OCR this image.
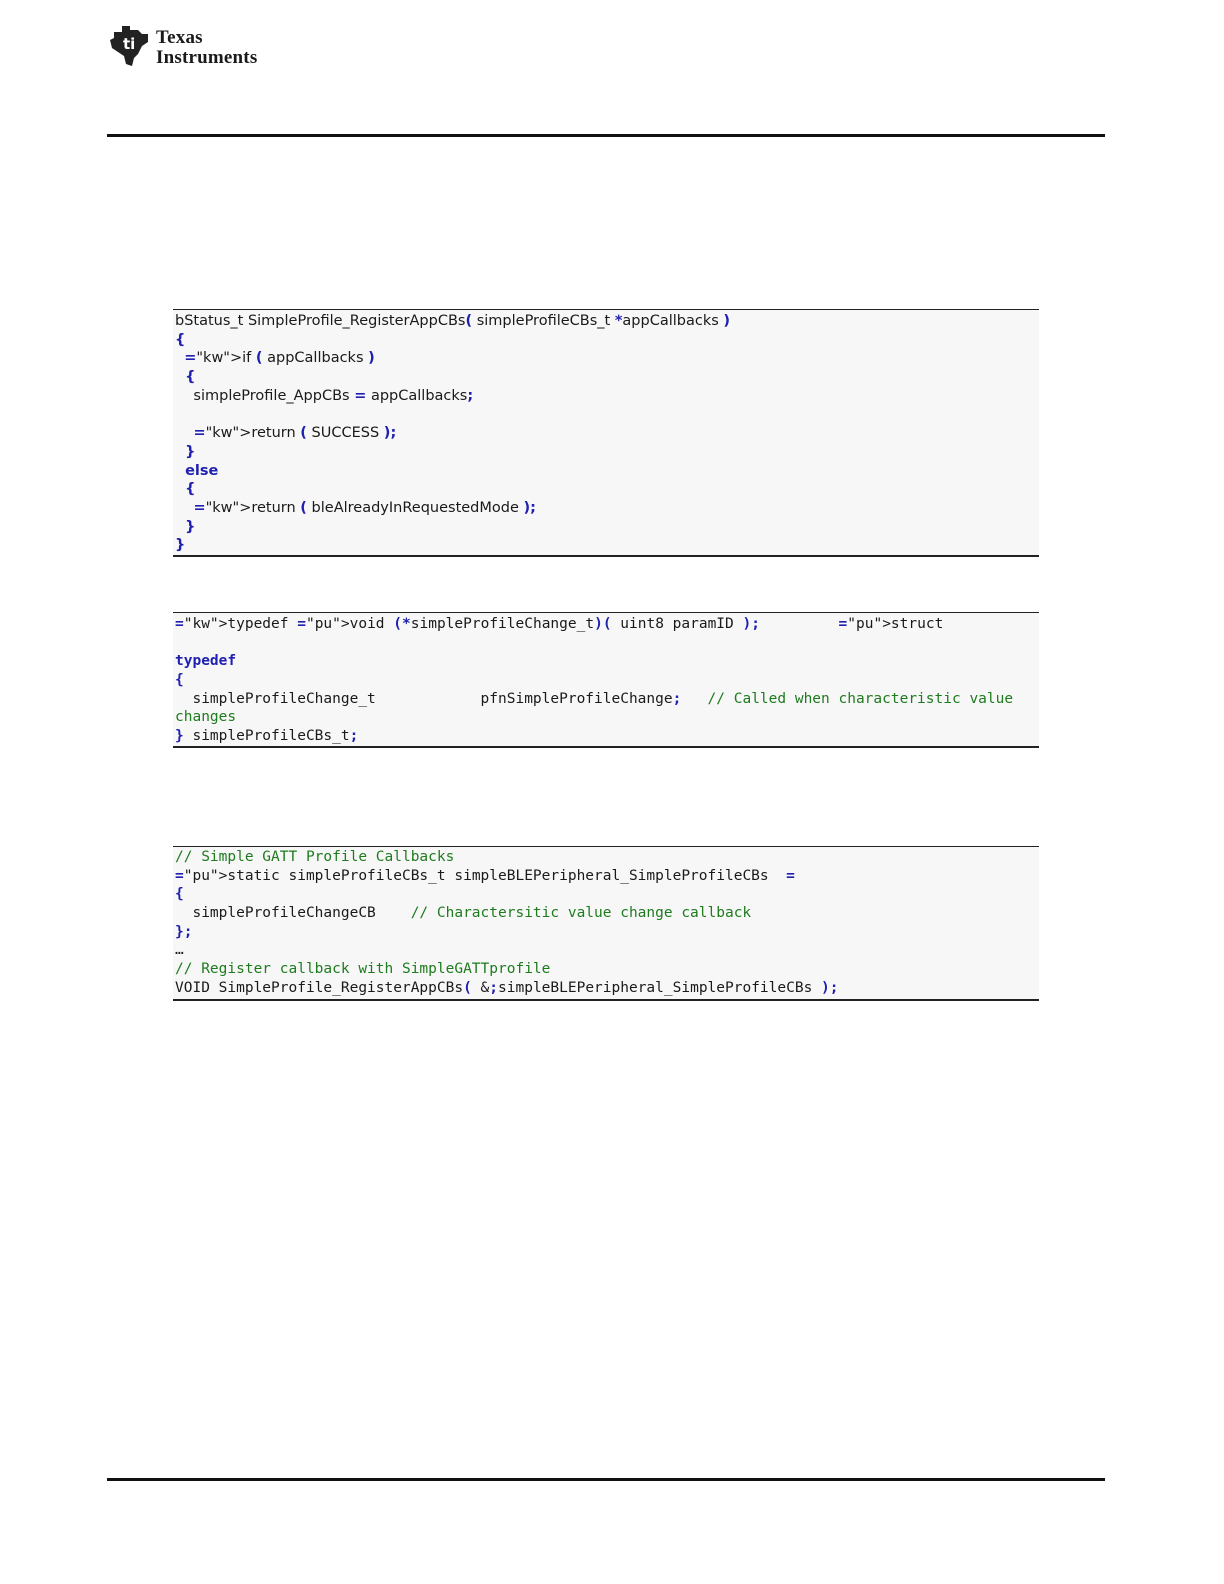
ti Texas
Instruments
bStatus_t SimpleProfile_RegisterAppCBs( simpleProfileCBs_t *appCallbacks )
{
="kw">if ( appCallbacks )
{
simpleProfile_AppCBs = appCallbacks;
="kw">return ( SUCCESS );
}
else
{
="kw">return ( bleAlreadyInRequestedMode );
}
}
="kw">typedef ="pu">void (*simpleProfileChange_t)( uint8 paramID );	="pu">struct
typedef
{
simpleProfileChange_t            pfnSimpleProfileChange; // Called when characteristic value
changes
} simpleProfileCBs_t;
// Simple GATT Profile Callbacks
="pu">static simpleProfileCBs_t simpleBLEPeripheral_SimpleProfileCBs  =
{
simpleProfileChangeCB    // Charactersitic value change callback
};
…
// Register callback with SimpleGATTprofile
VOID SimpleProfile_RegisterAppCBs( &;simpleBLEPeripheral_SimpleProfileCBs );
